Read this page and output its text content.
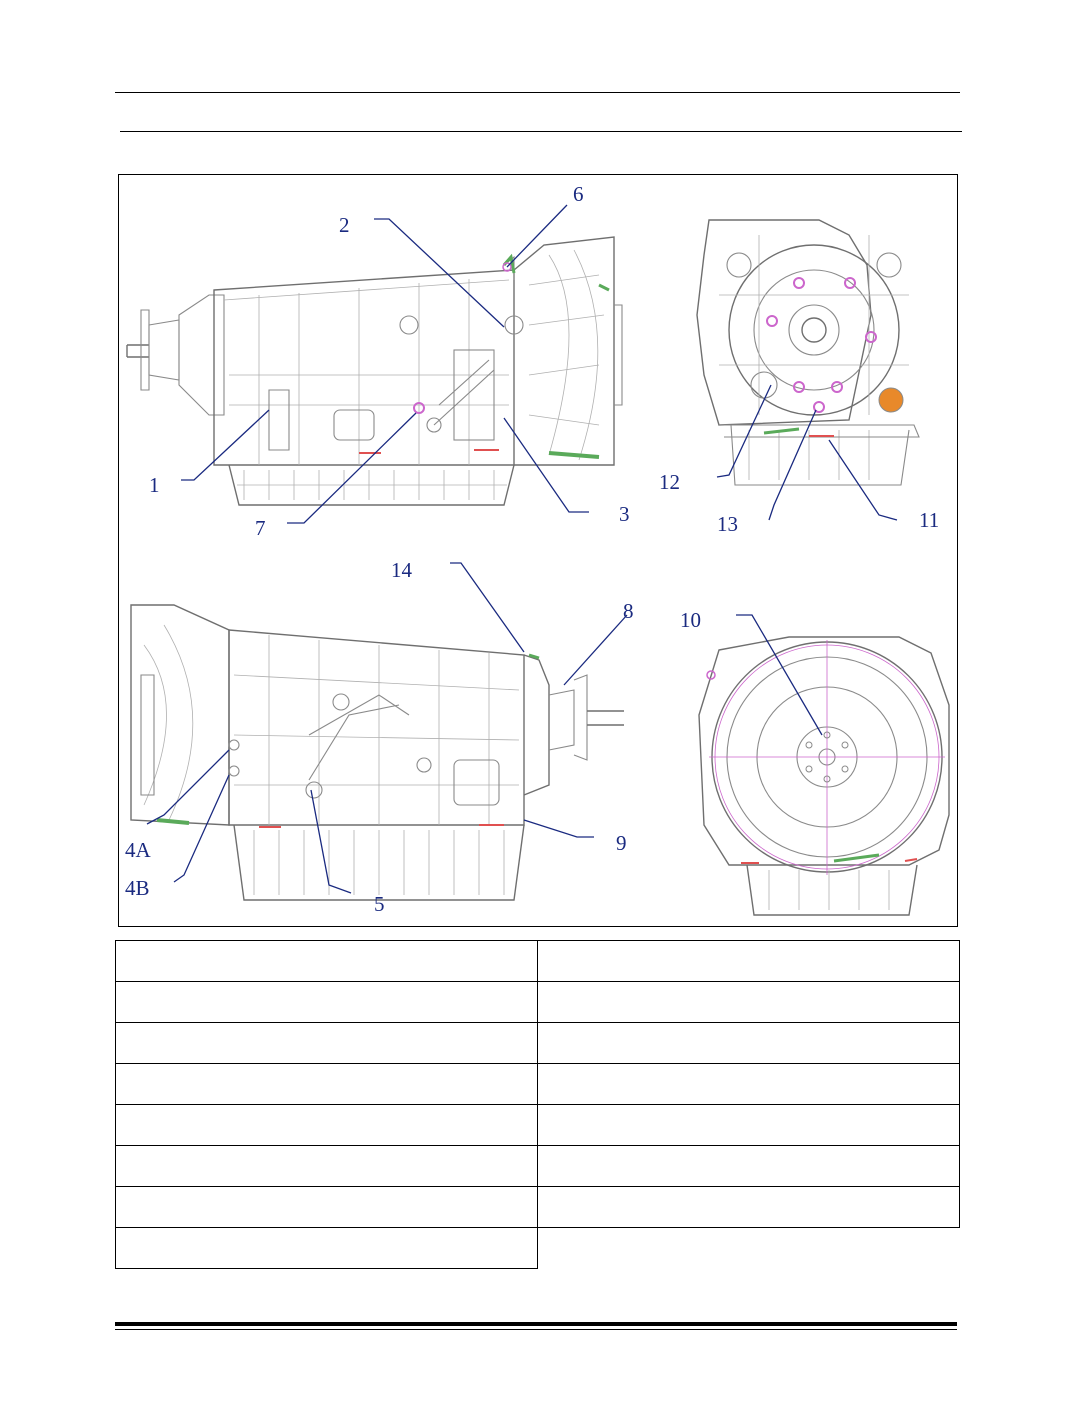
1
2
3
4A
4B
5
6
7
8
9
10
11
12
13
14
